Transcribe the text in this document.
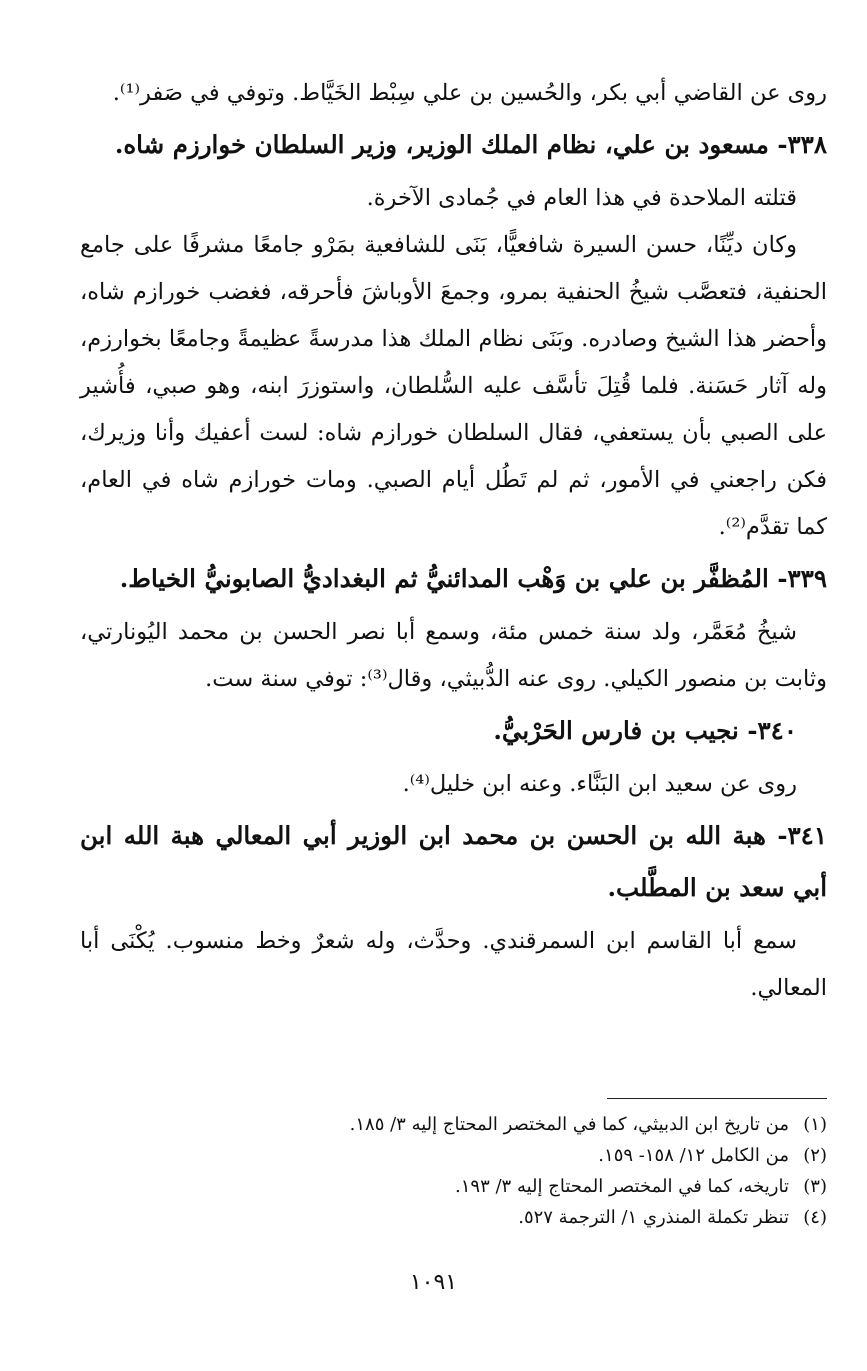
روى عن القاضي أبي بكر، والحُسين بن علي سِبْط الخَيَّاط. وتوفي في صَفر⁽¹⁾.

٣٣٨- مسعود بن علي، نظام الملك الوزير، وزير السلطان خوارزم شاه.

قتلته الملاحدة في هذا العام في جُمادى الآخرة.

وكان ديِّنًا، حسن السيرة شافعيًّا، بَنَى للشافعية بمَرْو جامعًا مشرفًا على جامع الحنفية، فتعصَّب شيخُ الحنفية بمرو، وجمعَ الأوباشَ فأحرقه، فغضب خورازم شاه، وأحضر هذا الشيخ وصادره. وبَنَى نظام الملك هذا مدرسةً عظيمةً وجامعًا بخوارزم، وله آثار حَسَنة. فلما قُتِلَ تأسَّف عليه السُّلطان، واستوزرَ ابنه، وهو صبي، فأُشير على الصبي بأن يستعفي، فقال السلطان خورازم شاه: لست أعفيك وأنا وزيرك، فكن راجعني في الأمور، ثم لم تَطُل أيام الصبي. ومات خورازم شاه في العام، كما تقدَّم⁽²⁾.

٣٣٩- المُظفَّر بن علي بن وَهْب المدائنيُّ ثم البغداديُّ الصابونيُّ الخياط.

شيخُ مُعَمَّر، ولد سنة خمس مئة، وسمع أبا نصر الحسن بن محمد اليُونارتي، وثابت بن منصور الكيلي. روى عنه الدُّبيثي، وقال⁽³⁾: توفي سنة ست.

٣٤٠- نجيب بن فارس الحَرْبيُّ.

روى عن سعيد ابن البَنَّاء. وعنه ابن خليل⁽⁴⁾.

٣٤١- هبة الله بن الحسن بن محمد ابن الوزير أبي المعالي هبة الله ابن أبي سعد بن المطَّلب.

سمع أبا القاسم ابن السمرقندي. وحدَّث، وله شعرٌ وخط منسوب. يُكْنَى أبا المعالي.

(١)من تاريخ ابن الدبيثي، كما في المختصر المحتاج إليه ٣/ ١٨٥.

(٢)من الكامل ١٢/ ١٥٨- ١٥٩.

(٣)تاريخه، كما في المختصر المحتاج إليه ٣/ ١٩٣.

(٤)تنظر تكملة المنذري ١/ الترجمة ٥٢٧.

١٠٩١
